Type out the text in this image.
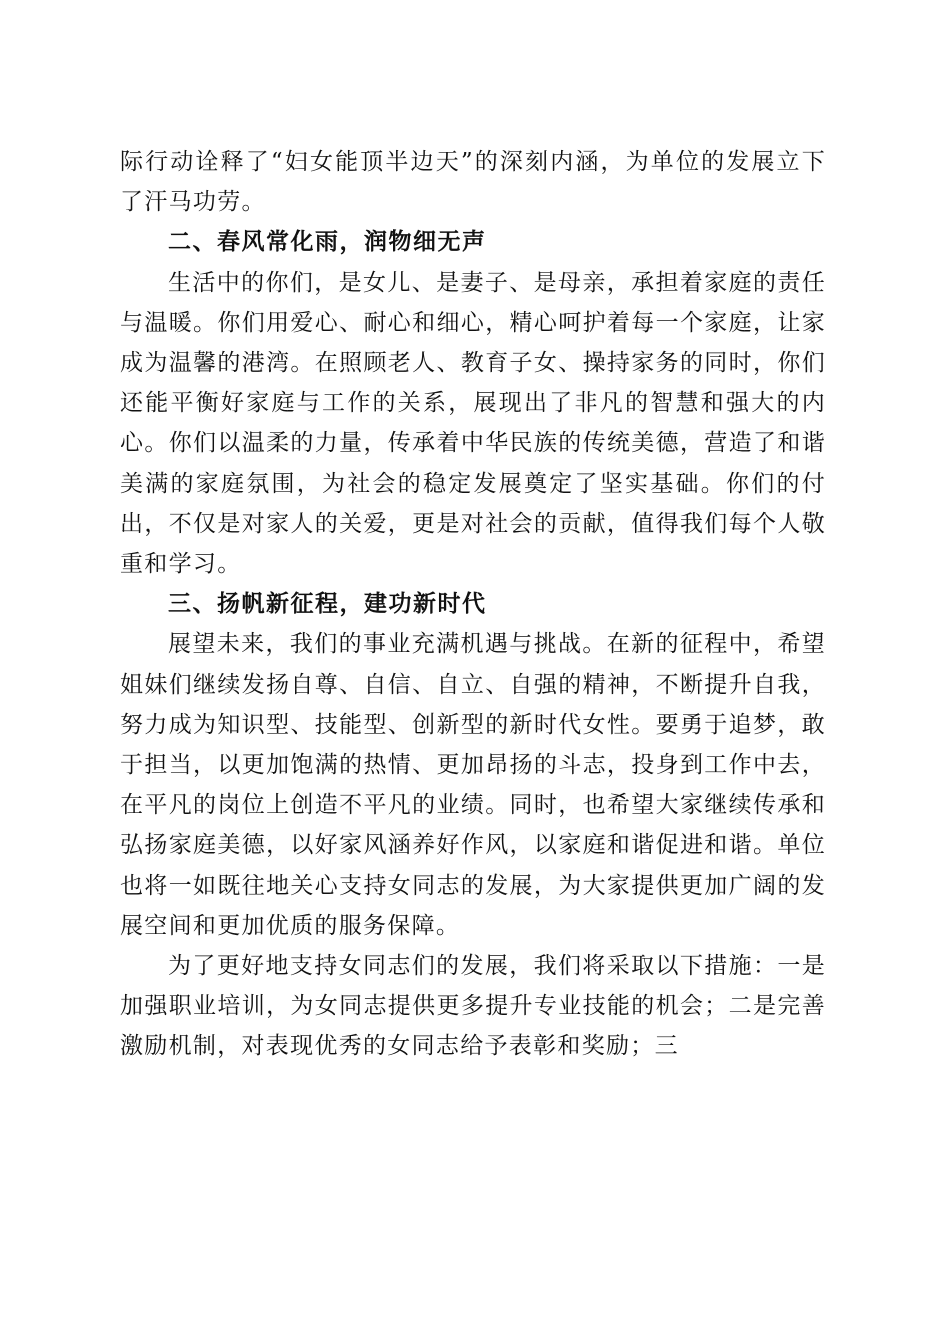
际行动诠释了“妇女能顶半边天”的深刻内涵，为单位的发展立下了汗马功劳。

二、春风常化雨，润物细无声

生活中的你们，是女儿、是妻子、是母亲，承担着家庭的责任与温暖。你们用爱心、耐心和细心，精心呵护着每一个家庭，让家成为温馨的港湾。在照顾老人、教育子女、操持家务的同时，你们还能平衡好家庭与工作的关系，展现出了非凡的智慧和强大的内心。你们以温柔的力量，传承着中华民族的传统美德，营造了和谐美满的家庭氛围，为社会的稳定发展奠定了坚实基础。你们的付出，不仅是对家人的关爱，更是对社会的贡献，值得我们每个人敬重和学习。

三、扬帆新征程，建功新时代

展望未来，我们的事业充满机遇与挑战。在新的征程中，希望姐妹们继续发扬自尊、自信、自立、自强的精神，不断提升自我，努力成为知识型、技能型、创新型的新时代女性。要勇于追梦，敢于担当，以更加饱满的热情、更加昂扬的斗志，投身到工作中去，在平凡的岗位上创造不平凡的业绩。同时，也希望大家继续传承和弘扬家庭美德，以好家风涵养好作风，以家庭和谐促进和谐。单位也将一如既往地关心支持女同志的发展，为大家提供更加广阔的发展空间和更加优质的服务保障。

为了更好地支持女同志们的发展，我们将采取以下措施：一是加强职业培训，为女同志提供更多提升专业技能的机会；二是完善激励机制，对表现优秀的女同志给予表彰和奖励；三
